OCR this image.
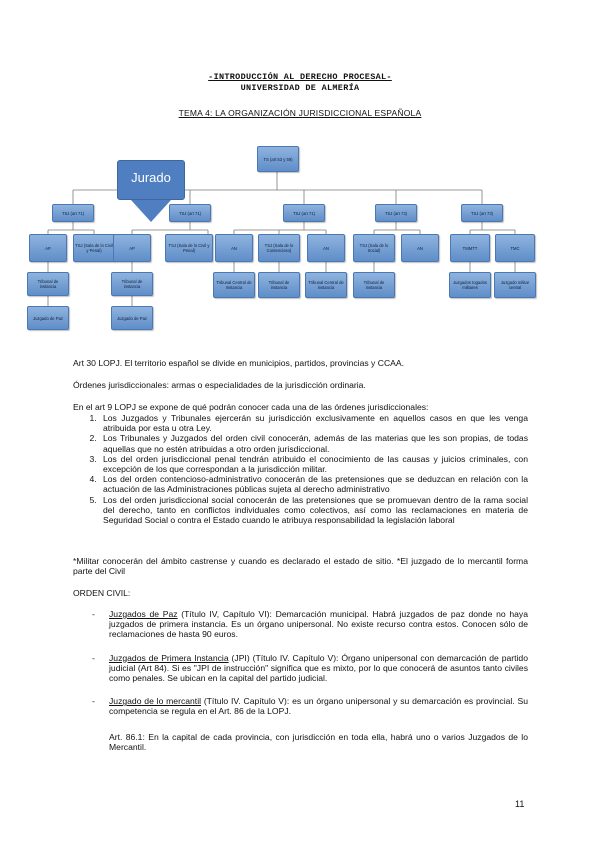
-INTRODUCCIÓN AL DERECHO PROCESAL-
UNIVERSIDAD DE ALMERÍA
TEMA 4: LA ORGANIZACIÓN JURISDICCIONAL ESPAÑOLA
TS (art 53 y 59)
TSJ (art 71)	TSJ (art 71)	TSJ (art 71)	TSJ (art 73)	TSJ (art 73)
AP	TSJ (Sala de lo Civil y Penal)	AP	TSJ (Sala de lo Civil y Penal)	AN	TSJ (Sala de lo Contencioso)	AN	TSJ (Sala de lo Social)	AN	TMMTT	TMC
Tribunal de instancia
Tribunal de instancia
Tribunal Central de Instancia
Tribunal de instancia
Tribunal Central de instancia
Tribunal de instancia
Juzgados togados militares
Juzgado militar central
Juzgado de Paz	Juzgado de Paz
Jurado
Art 30 LOPJ. El territorio español se divide en municipios, partidos, provincias y CCAA.
Órdenes jurisdiccionales: armas o especialidades de la jurisdicción ordinaria.
En el art 9 LOPJ se expone de qué podrán conocer cada una de las órdenes jurisdiccionales:
1. Los Juzgados y Tribunales ejercerán su jurisdicción exclusivamente en aquellos casos en que les venga atribuida por esta u otra Ley.
2. Los Tribunales y Juzgados del orden civil conocerán, además de las materias que les son propias, de todas aquellas que no estén atribuidas a otro orden jurisdiccional.
3. Los del orden jurisdiccional penal tendrán atribuido el conocimiento de las causas y juicios criminales, con excepción de los que correspondan a la jurisdicción militar.
4. Los del orden contencioso-administrativo conocerán de las pretensiones que se deduzcan en relación con la actuación de las Administraciones públicas sujeta al derecho administrativo
5. Los del orden jurisdiccional social conocerán de las pretensiones que se promuevan dentro de la rama social del derecho, tanto en conflictos individuales como colectivos, así como las reclamaciones en materia de Seguridad Social o contra el Estado cuando le atribuya responsabilidad la legislación laboral
*Militar conocerán del ámbito castrense y cuando es declarado el estado de sitio. *El juzgado de lo mercantil forma parte del Civil
ORDEN CIVIL:
- Juzgados de Paz (Título IV, Capítulo VI): Demarcación municipal. Habrá juzgados de paz donde no haya juzgados de primera instancia. Es un órgano unipersonal. No existe recurso contra estos. Conocen sólo de reclamaciones de hasta 90 euros.
- Juzgados de Primera Instancia (JPI) (Título IV. Capítulo V): Órgano unipersonal con demarcación de partido judicial (Art 84). Si es "JPI de instrucción" significa que es mixto, por lo que conocerá de asuntos tanto civiles como penales. Se ubican en la capital del partido judicial.
- Juzgado de lo mercantil (Título IV. Capítulo V): es un órgano unipersonal y su demarcación es provincial. Su competencia se regula en el Art. 86 de la LOPJ.
Art. 86.1: En la capital de cada provincia, con jurisdicción en toda ella, habrá uno o varios Juzgados de lo Mercantil.
11
